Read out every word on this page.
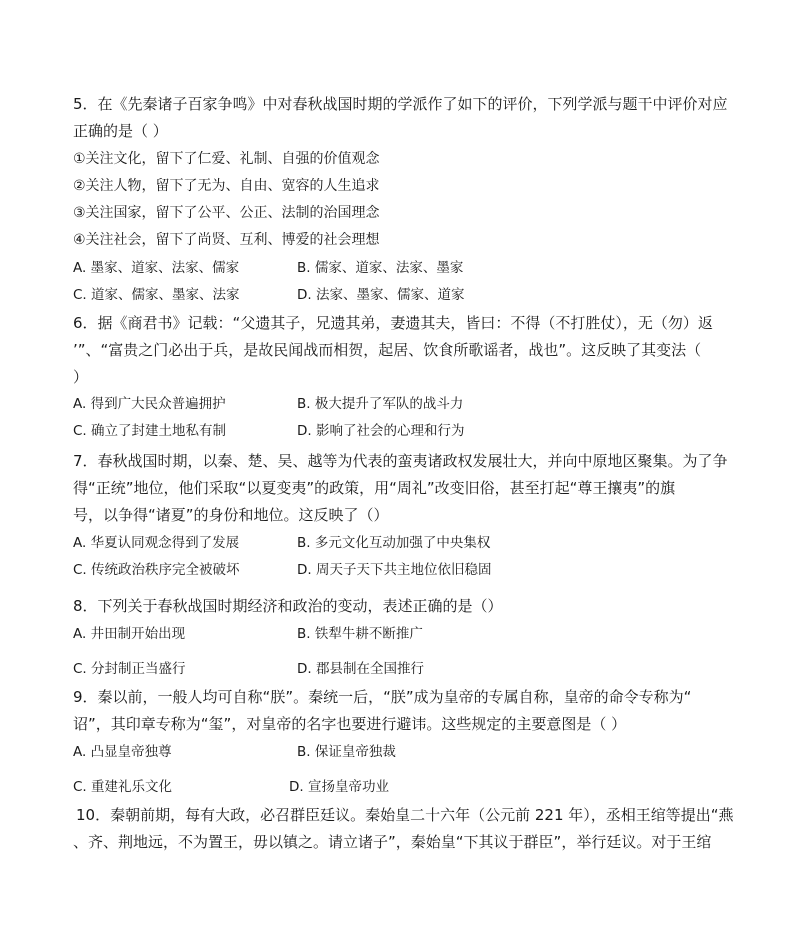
5．在《先秦诸子百家争鸣》中对春秋战国时期的学派作了如下的评价，下列学派与题干中评价对应
正确的是（ ）
①关注文化，留下了仁爱、礼制、自强的价值观念
②关注人物，留下了无为、自由、宽容的人生追求
③关注国家，留下了公平、公正、法制的治国理念
④关注社会，留下了尚贤、互利、博爱的社会理想
A. 墨家、道家、法家、儒家	B. 儒家、道家、法家、墨家
C. 道家、儒家、墨家、法家	D. 法家、墨家、儒家、道家
6．据《商君书》记载：“父遗其子，兄遗其弟，妻遗其夫，皆曰：不得（不打胜仗），无（勿）返
’”、“富贵之门必出于兵，是故民闻战而相贺，起居、饮食所歌谣者，战也”。这反映了其变法（
）
A. 得到广大民众普遍拥护	B. 极大提升了军队的战斗力
C. 确立了封建土地私有制	D. 影响了社会的心理和行为
7．春秋战国时期，以秦、楚、吴、越等为代表的蛮夷诸政权发展壮大，并向中原地区聚集。为了争
得“正统”地位，他们采取“以夏变夷”的政策，用“周礼”改变旧俗，甚至打起“尊王攘夷”的旗
号，以争得“诸夏”的身份和地位。这反映了（）
A. 华夏认同观念得到了发展	B. 多元文化互动加强了中央集权
C. 传统政治秩序完全被破坏	D. 周天子天下共主地位依旧稳固
8．下列关于春秋战国时期经济和政治的变动，表述正确的是（）
A. 井田制开始出现	B. 铁犁牛耕不断推广
C. 分封制正当盛行	D. 郡县制在全国推行
9．秦以前，一般人均可自称“朕”。秦统一后，“朕”成为皇帝的专属自称，皇帝的命令专称为“
诏”，其印章专称为“玺”，对皇帝的名字也要进行避讳。这些规定的主要意图是（ ）
A. 凸显皇帝独尊	B. 保证皇帝独裁
C. 重建礼乐文化	D. 宣扬皇帝功业
10．秦朝前期，每有大政，必召群臣廷议。秦始皇二十六年（公元前 221 年），丞相王绾等提出“燕
、齐、荆地远，不为置王，毋以镇之。请立诸子”，秦始皇“下其议于群臣”，举行廷议。对于王绾
